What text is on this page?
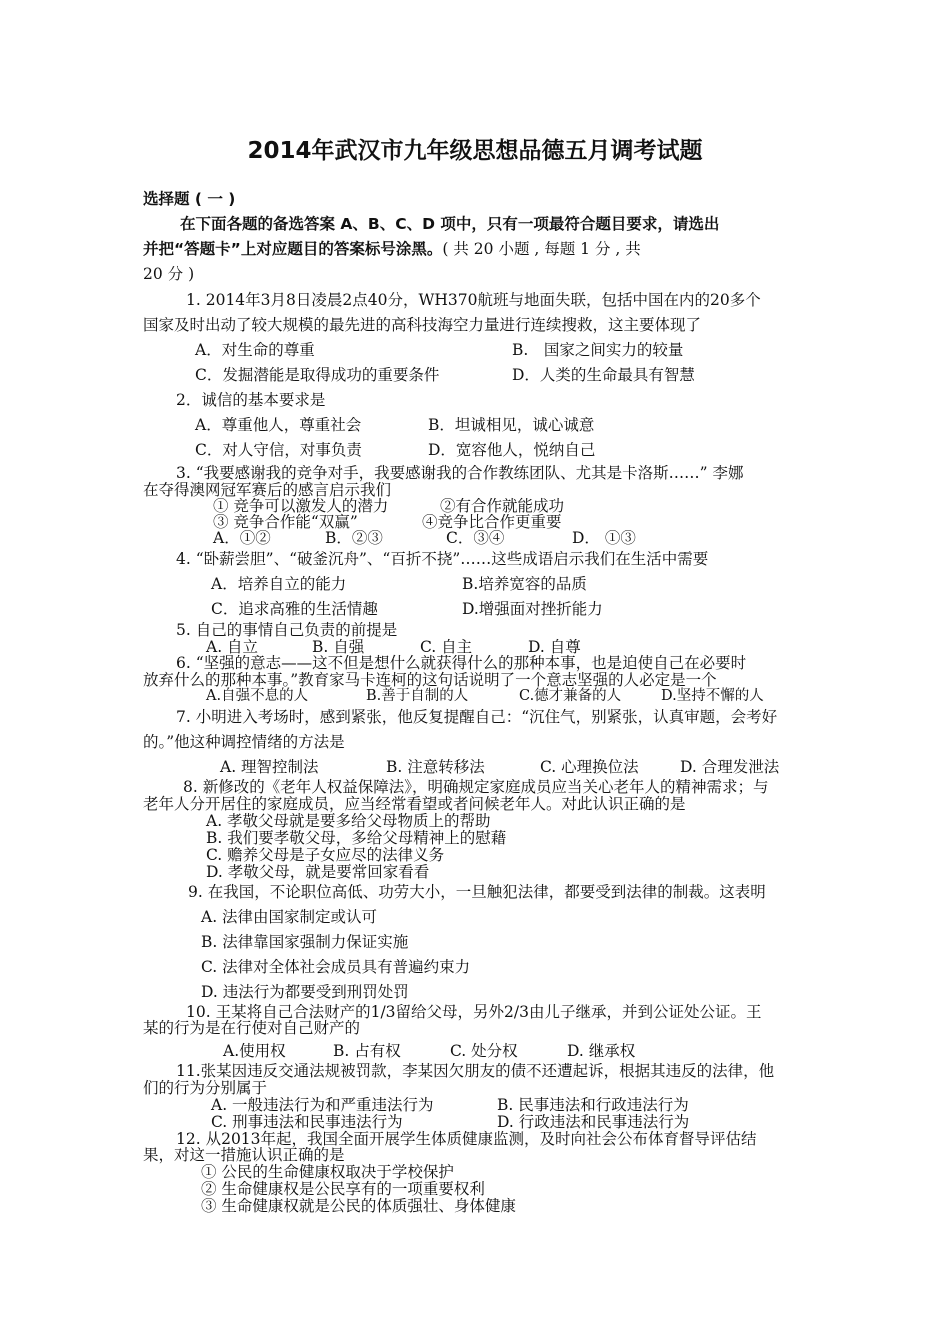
2014年武汉市九年级思想品德五月调考试题
选择题 ( 一 )
在下面各题的备选答案 A、B、C、D 项中，只有一项最符合题目要求，请选出
并把“答题卡”上对应题目的答案标号涂黑。( 共 20 小题 , 每题 1 分 , 共
20 分 )
1. 2014年3月8日凌晨2点40分，WH370航班与地面失联，包括中国在内的20多个
国家及时出动了较大规模的最先进的高科技海空力量进行连续搜救，这主要体现了
A．对生命的尊重	B.　国家之间实力的较量
C．发掘潜能是取得成功的重要条件	D．人类的生命最具有智慧
2．诚信的基本要求是
A．尊重他人，尊重社会	B．坦诚相见，诚心诚意
C．对人守信，对事负责	D．宽容他人，悦纳自己
3. “我要感谢我的竞争对手，我要感谢我的合作教练团队、尤其是卡洛斯……” 李娜
在夺得澳网冠军赛后的感言启示我们
① 竞争可以激发人的潜力	②有合作就能成功
③ 竞争合作能“双赢”	④竞争比合作更重要
A．①②	B．②③	C．③④	D． ①③
4. “卧薪尝胆”、“破釜沉舟”、“百折不挠”……这些成语启示我们在生活中需要
A．培养自立的能力	B.培养宽容的品质
C．追求高雅的生活情趣	D.增强面对挫折能力
5. 自己的事情自己负责的前提是
A. 自立	B. 自强	C. 自主	D. 自尊
6. “坚强的意志——这不但是想什么就获得什么的那种本事，也是迫使自己在必要时
放弃什么的那种本事。”教育家马卡连柯的这句话说明了一个意志坚强的人必定是一个
A.自强不息的人	B.善于自制的人	C.德才兼备的人	D.坚持不懈的人
7. 小明进入考场时，感到紧张，他反复提醒自己：“沉住气，别紧张，认真审题，会考好
的。”他这种调控情绪的方法是
A. 理智控制法	B. 注意转移法	C. 心理换位法	D. 合理发泄法
8. 新修改的《老年人权益保障法》，明确规定家庭成员应当关心老年人的精神需求；与
老年人分开居住的家庭成员，应当经常看望或者问候老年人。对此认识正确的是
A. 孝敬父母就是要多给父母物质上的帮助
B. 我们要孝敬父母，多给父母精神上的慰藉
C. 赡养父母是子女应尽的法律义务
D. 孝敬父母，就是要常回家看看
9. 在我国，不论职位高低、功劳大小，一旦触犯法律，都要受到法律的制裁。这表明
A. 法律由国家制定或认可
B. 法律靠国家强制力保证实施
C. 法律对全体社会成员具有普遍约束力
D. 违法行为都要受到刑罚处罚
10. 王某将自己合法财产的1/3留给父母，另外2/3由儿子继承，并到公证处公证。王
某的行为是在行使对自己财产的
A.使用权	B. 占有权	C. 处分权	D. 继承权
11.张某因违反交通法规被罚款，李某因欠朋友的债不还遭起诉，根据其违反的法律，他
们的行为分别属于
A. 一般违法行为和严重违法行为	B. 民事违法和行政违法行为
C. 刑事违法和民事违法行为	D. 行政违法和民事违法行为
12. 从2013年起，我国全面开展学生体质健康监测，及时向社会公布体育督导评估结
果，对这一措施认识正确的是
① 公民的生命健康权取决于学校保护
② 生命健康权是公民享有的一项重要权利
③ 生命健康权就是公民的体质强壮、身体健康
